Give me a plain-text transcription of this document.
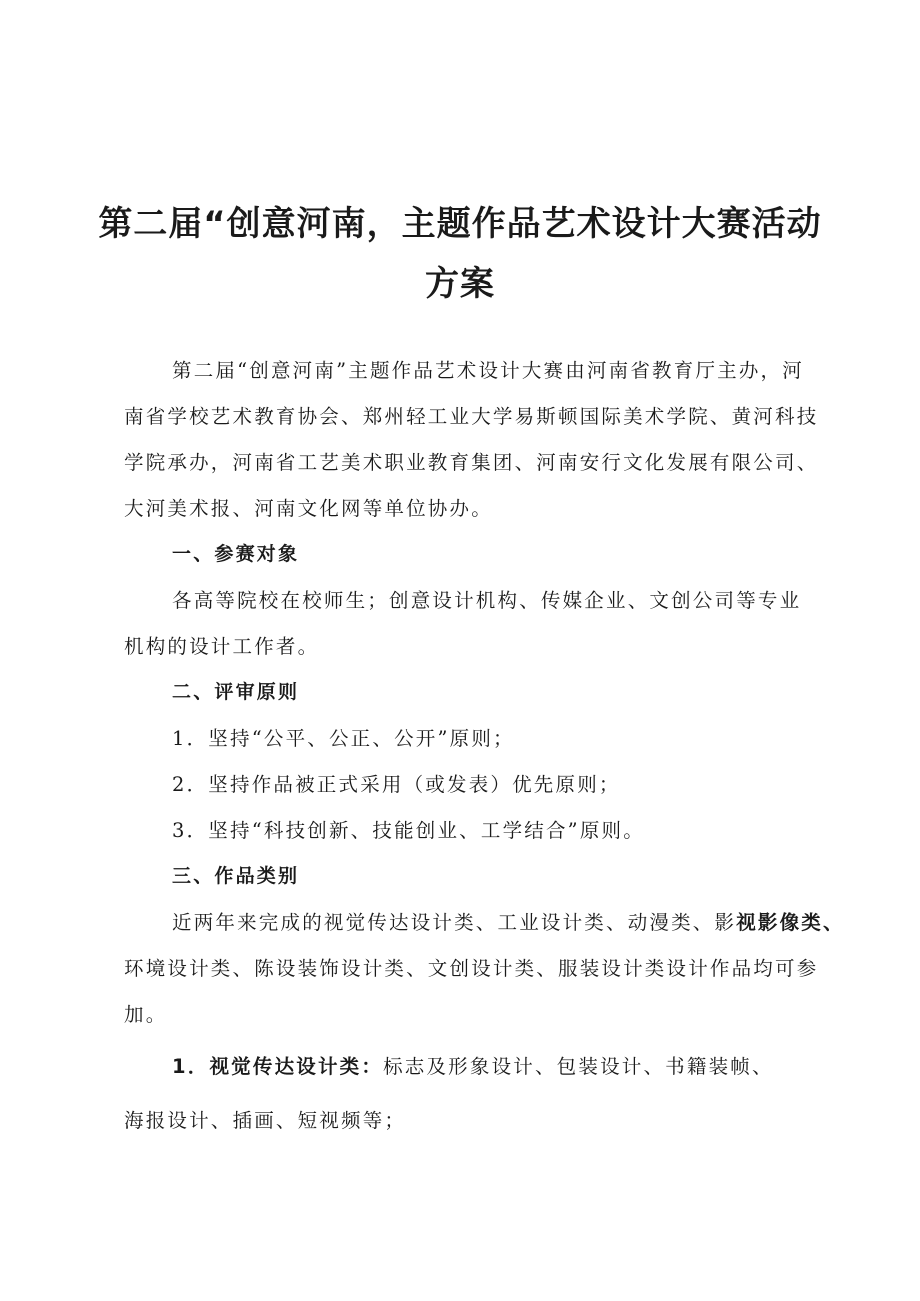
第二届“创意河南，主题作品艺术设计大赛活动
方案
第二届“创意河南”主题作品艺术设计大赛由河南省教育厅主办，河
南省学校艺术教育协会、郑州轻工业大学易斯顿国际美术学院、黄河科技
学院承办，河南省工艺美术职业教育集团、河南安行文化发展有限公司、
大河美术报、河南文化网等单位协办。
一、参赛对象
各高等院校在校师生；创意设计机构、传媒企业、文创公司等专业
机构的设计工作者。
二、评审原则
1．坚持“公平、公正、公开”原则；
2．坚持作品被正式采用（或发表）优先原则；
3．坚持“科技创新、技能创业、工学结合”原则。
三、作品类别
近两年来完成的视觉传达设计类、工业设计类、动漫类、影视影像类、
环境设计类、陈设装饰设计类、文创设计类、服装设计类设计作品均可参
加。
1．视觉传达设计类：标志及形象设计、包装设计、书籍装帧、
海报设计、插画、短视频等；
